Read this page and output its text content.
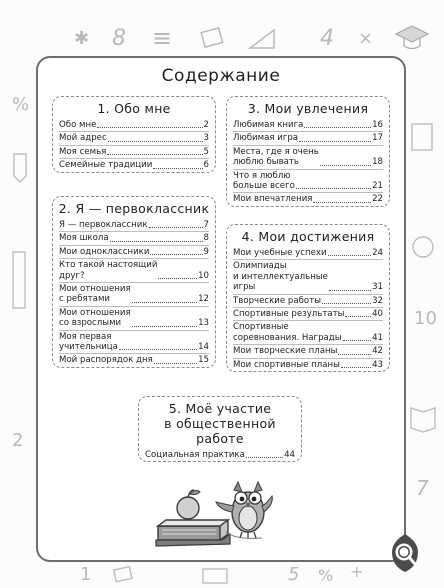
✱ 8 ≡	4 ×
%
10
7
2
1	5 % +
Содержание
1. Обо мне
Обо мне	2
Мой адрес	3
Моя семья	5
Семейные традиции	6
2. Я — первоклассник
Я — первоклассник	7
Моя школа	8
Мои одноклассники	9
Кто такой настоящий
друг?	10
Мои отношения
с ребятами	12
Мои отношения
со взрослыми	13
Моя первая
учительница	14
Мой распорядок дня	15
3. Мои увлечения
Любимая книга	16
Любимая игра	17
Места, где я очень
люблю бывать	18
Что я люблю
больше всего	21
Мои впечатления	22
4. Мои достижения
Мои учебные успехи	24
Олимпиады
и интеллектуальные
игры	31
Творческие работы	32
Спортивные результаты	40
Спортивные
соревнования. Награды	41
Мои творческие планы	42
Мои спортивные планы	43
5. Моё участие
в общественной
работе
Социальная практика	44
